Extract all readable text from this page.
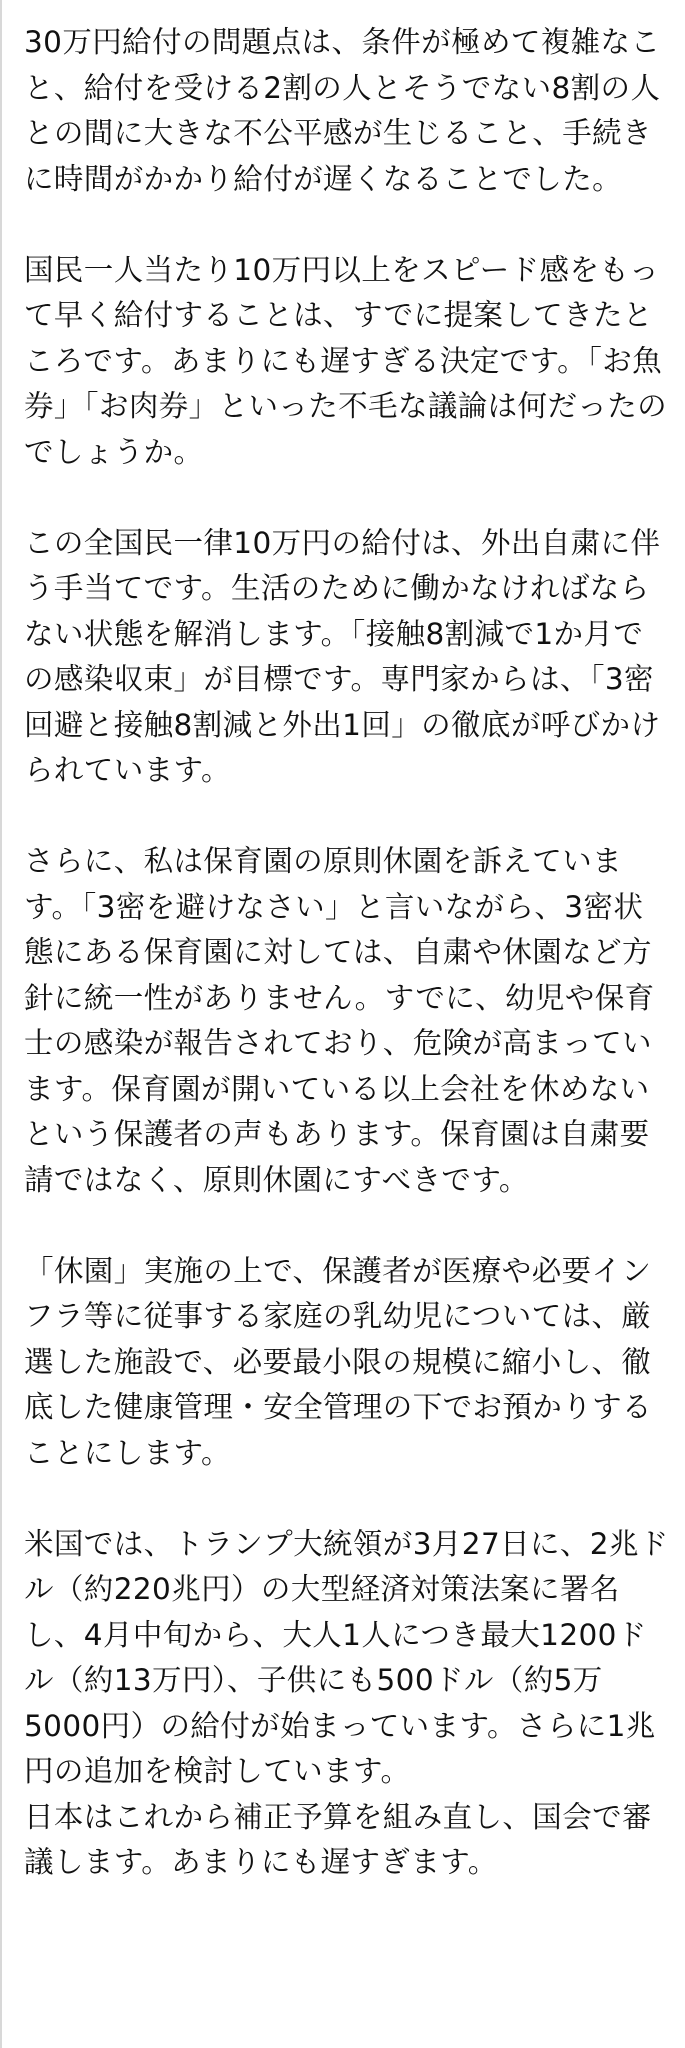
30万円給付の問題点は、条件が極めて複雑なこと、給付を受ける2割の人とそうでない8割の人との間に大きな不公平感が生じること、手続きに時間がかかり給付が遅くなることでした。

国民一人当たり10万円以上をスピード感をもって早く給付することは、すでに提案してきたところです。あまりにも遅すぎる決定です。「お魚券」「お肉券」といった不毛な議論は何だったのでしょうか。

この全国民一律10万円の給付は、外出自粛に伴う手当てです。生活のために働かなければならない状態を解消します。「接触8割減で1か月での感染収束」が目標です。専門家からは、「3密回避と接触8割減と外出1回」の徹底が呼びかけられています。

さらに、私は保育園の原則休園を訴えています。「3密を避けなさい」と言いながら、3密状態にある保育園に対しては、自粛や休園など方針に統一性がありません。すでに、幼児や保育士の感染が報告されており、危険が高まっています。保育園が開いている以上会社を休めないという保護者の声もあります。保育園は自粛要請ではなく、原則休園にすべきです。

「休園」実施の上で、保護者が医療や必要インフラ等に従事する家庭の乳幼児については、厳選した施設で、必要最小限の規模に縮小し、徹底した健康管理・安全管理の下でお預かりすることにします。

米国では、トランプ大統領が3月27日に、2兆ドル（約220兆円）の大型経済対策法案に署名し、4月中旬から、大人1人につき最大1200ドル（約13万円）、子供にも500ドル（約5万5000円）の給付が始まっています。さらに1兆円の追加を検討しています。
日本はこれから補正予算を組み直し、国会で審議します。あまりにも遅すぎます。
